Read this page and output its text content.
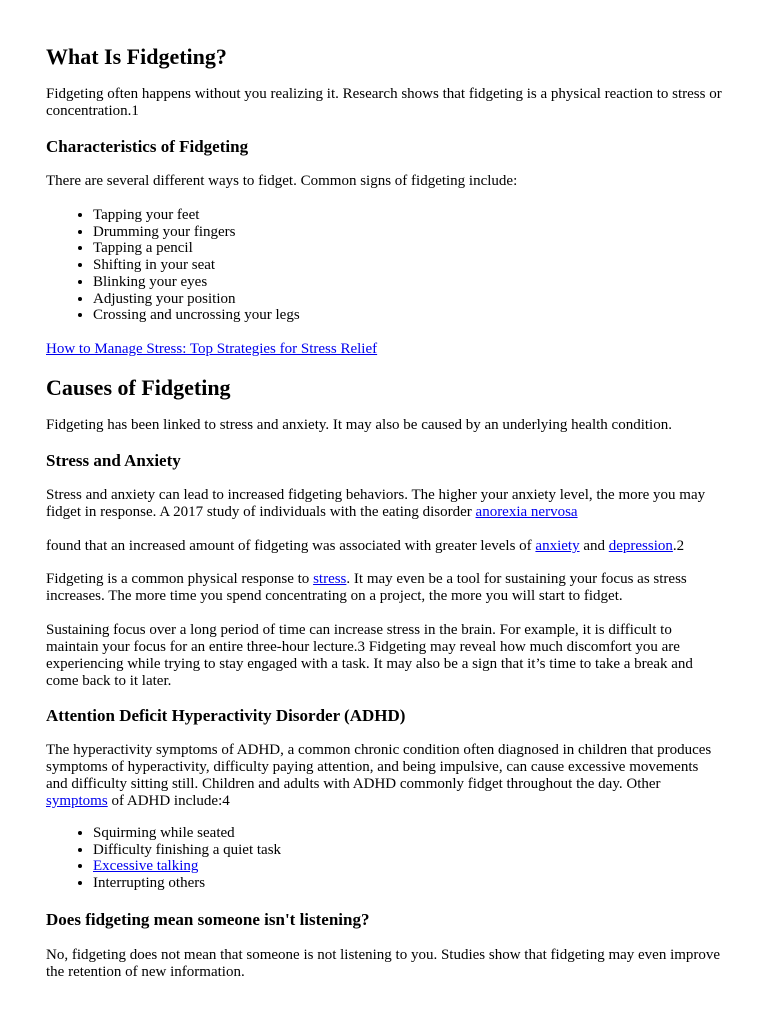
What Is Fidgeting?

Fidgeting often happens without you realizing it. Research shows that fidgeting is a physical reaction to stress or concentration.1

Characteristics of Fidgeting

There are several different ways to fidget. Common signs of fidgeting include:

• Tapping your feet
• Drumming your fingers
• Tapping a pencil
• Shifting in your seat
• Blinking your eyes
• Adjusting your position
• Crossing and uncrossing your legs

How to Manage Stress: Top Strategies for Stress Relief

Causes of Fidgeting

Fidgeting has been linked to stress and anxiety. It may also be caused by an underlying health condition.

Stress and Anxiety

Stress and anxiety can lead to increased fidgeting behaviors. The higher your anxiety level, the more you may fidget in response. A 2017 study of individuals with the eating disorder anorexia nervosa

found that an increased amount of fidgeting was associated with greater levels of anxiety and depression.2

Fidgeting is a common physical response to stress. It may even be a tool for sustaining your focus as stress increases. The more time you spend concentrating on a project, the more you will start to fidget.

Sustaining focus over a long period of time can increase stress in the brain. For example, it is difficult to maintain your focus for an entire three-hour lecture.3 Fidgeting may reveal how much discomfort you are experiencing while trying to stay engaged with a task. It may also be a sign that it’s time to take a break and come back to it later.

Attention Deficit Hyperactivity Disorder (ADHD)

The hyperactivity symptoms of ADHD, a common chronic condition often diagnosed in children that produces symptoms of hyperactivity, difficulty paying attention, and being impulsive, can cause excessive movements and difficulty sitting still. Children and adults with ADHD commonly fidget throughout the day. Other symptoms of ADHD include:4

• Squirming while seated
• Difficulty finishing a quiet task
• Excessive talking
• Interrupting others
Does fidgeting mean someone isn't listening?

No, fidgeting does not mean that someone is not listening to you. Studies show that fidgeting may even improve the retention of new information.
